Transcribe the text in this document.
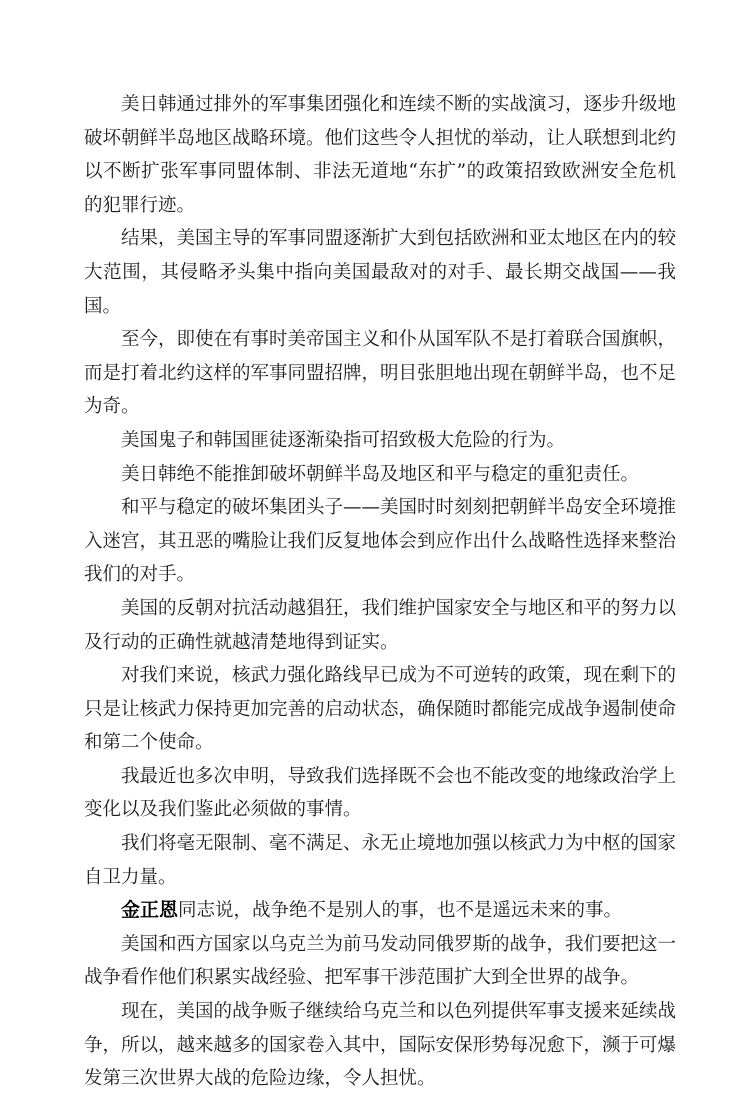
美日韩通过排外的军事集团强化和连续不断的实战演习，逐步升级地破坏朝鲜半岛地区战略环境。他们这些令人担忧的举动，让人联想到北约以不断扩张军事同盟体制、非法无道地“东扩”的政策招致欧洲安全危机的犯罪行迹。

结果，美国主导的军事同盟逐渐扩大到包括欧洲和亚太地区在内的较大范围，其侵略矛头集中指向美国最敌对的对手、最长期交战国——我国。

至今，即使在有事时美帝国主义和仆从国军队不是打着联合国旗帜，而是打着北约这样的军事同盟招牌，明目张胆地出现在朝鲜半岛，也不足为奇。

美国鬼子和韩国匪徒逐渐染指可招致极大危险的行为。

美日韩绝不能推卸破坏朝鲜半岛及地区和平与稳定的重犯责任。

和平与稳定的破坏集团头子——美国时时刻刻把朝鲜半岛安全环境推入迷宫，其丑恶的嘴脸让我们反复地体会到应作出什么战略性选择来整治我们的对手。

美国的反朝对抗活动越猖狂，我们维护国家安全与地区和平的努力以及行动的正确性就越清楚地得到证实。

对我们来说，核武力强化路线早已成为不可逆转的政策，现在剩下的只是让核武力保持更加完善的启动状态，确保随时都能完成战争遏制使命和第二个使命。

我最近也多次申明，导致我们选择既不会也不能改变的地缘政治学上变化以及我们鉴此必须做的事情。

我们将毫无限制、毫不满足、永无止境地加强以核武力为中枢的国家自卫力量。

金正恩同志说，战争绝不是别人的事，也不是遥远未来的事。

美国和西方国家以乌克兰为前马发动同俄罗斯的战争，我们要把这一战争看作他们积累实战经验、把军事干涉范围扩大到全世界的战争。

现在，美国的战争贩子继续给乌克兰和以色列提供军事支援来延续战争，所以，越来越多的国家卷入其中，国际安保形势每况愈下，濒于可爆发第三次世界大战的危险边缘，令人担忧。
